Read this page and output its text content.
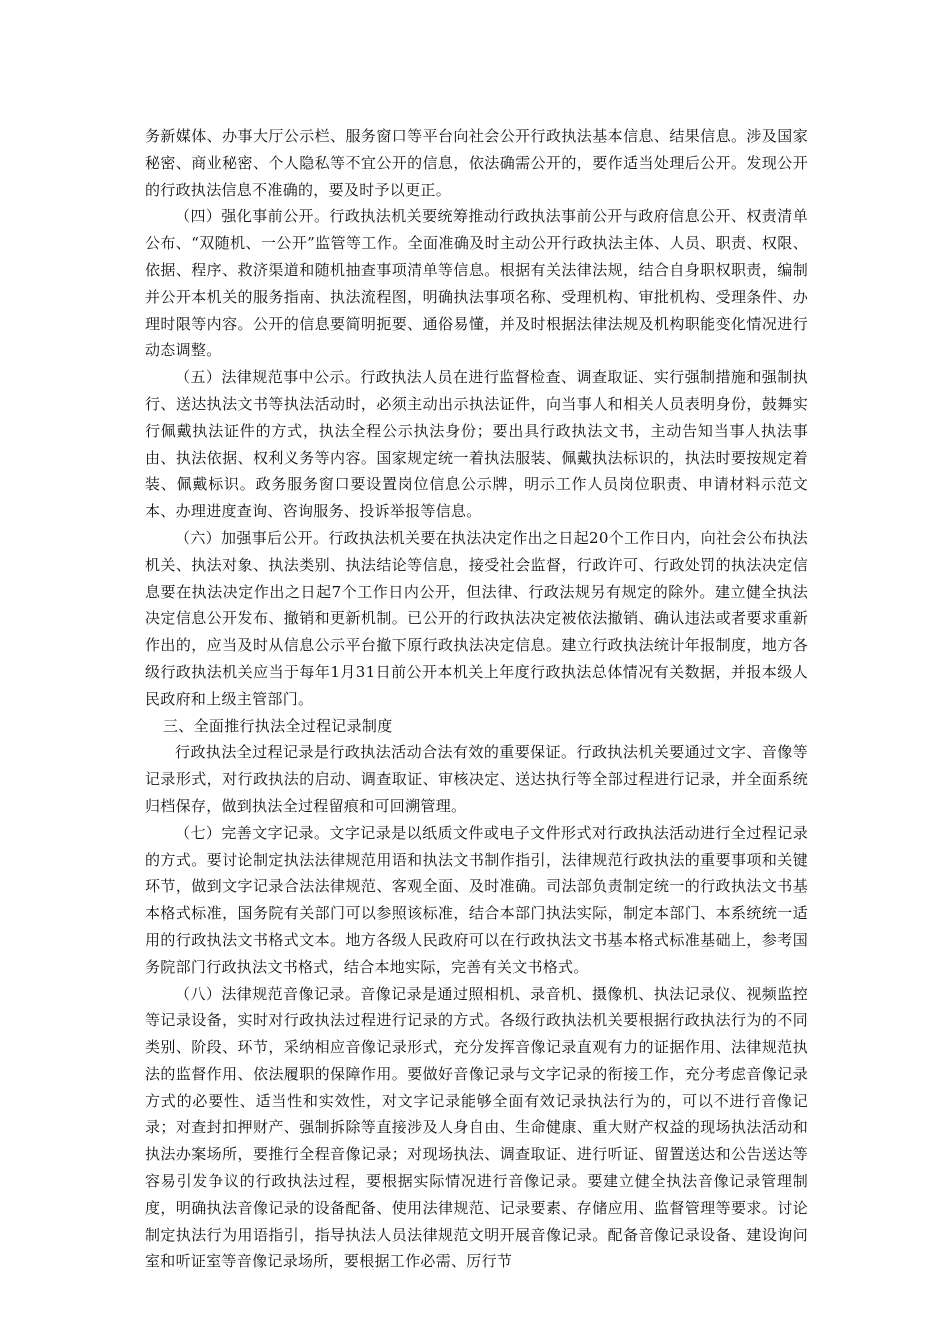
务新媒体、办事大厅公示栏、服务窗口等平台向社会公开行政执法基本信息、结果信息。涉及国家秘密、商业秘密、个人隐私等不宜公开的信息，依法确需公开的，要作适当处理后公开。发现公开的行政执法信息不准确的，要及时予以更正。

（四）强化事前公开。行政执法机关要统筹推动行政执法事前公开与政府信息公开、权责清单公布、“双随机、一公开”监管等工作。全面准确及时主动公开行政执法主体、人员、职责、权限、依据、程序、救济渠道和随机抽查事项清单等信息。根据有关法律法规，结合自身职权职责，编制并公开本机关的服务指南、执法流程图，明确执法事项名称、受理机构、审批机构、受理条件、办理时限等内容。公开的信息要简明扼要、通俗易懂，并及时根据法律法规及机构职能变化情况进行动态调整。

（五）法律规范事中公示。行政执法人员在进行监督检查、调查取证、实行强制措施和强制执行、送达执法文书等执法活动时，必须主动出示执法证件，向当事人和相关人员表明身份，鼓舞实行佩戴执法证件的方式，执法全程公示执法身份；要出具行政执法文书，主动告知当事人执法事由、执法依据、权利义务等内容。国家规定统一着执法服装、佩戴执法标识的，执法时要按规定着装、佩戴标识。政务服务窗口要设置岗位信息公示牌，明示工作人员岗位职责、申请材料示范文本、办理进度查询、咨询服务、投诉举报等信息。

（六）加强事后公开。行政执法机关要在执法决定作出之日起20个工作日内，向社会公布执法机关、执法对象、执法类别、执法结论等信息，接受社会监督，行政许可、行政处罚的执法决定信息要在执法决定作出之日起7个工作日内公开，但法律、行政法规另有规定的除外。建立健全执法决定信息公开发布、撤销和更新机制。已公开的行政执法决定被依法撤销、确认违法或者要求重新作出的，应当及时从信息公示平台撤下原行政执法决定信息。建立行政执法统计年报制度，地方各级行政执法机关应当于每年1月31日前公开本机关上年度行政执法总体情况有关数据，并报本级人民政府和上级主管部门。

三、全面推行执法全过程记录制度

行政执法全过程记录是行政执法活动合法有效的重要保证。行政执法机关要通过文字、音像等记录形式，对行政执法的启动、调查取证、审核决定、送达执行等全部过程进行记录，并全面系统归档保存，做到执法全过程留痕和可回溯管理。

（七）完善文字记录。文字记录是以纸质文件或电子文件形式对行政执法活动进行全过程记录的方式。要讨论制定执法法律规范用语和执法文书制作指引，法律规范行政执法的重要事项和关键环节，做到文字记录合法法律规范、客观全面、及时准确。司法部负责制定统一的行政执法文书基本格式标准，国务院有关部门可以参照该标准，结合本部门执法实际，制定本部门、本系统统一适用的行政执法文书格式文本。地方各级人民政府可以在行政执法文书基本格式标准基础上，参考国务院部门行政执法文书格式，结合本地实际，完善有关文书格式。

（八）法律规范音像记录。音像记录是通过照相机、录音机、摄像机、执法记录仪、视频监控等记录设备，实时对行政执法过程进行记录的方式。各级行政执法机关要根据行政执法行为的不同类别、阶段、环节，采纳相应音像记录形式，充分发挥音像记录直观有力的证据作用、法律规范执法的监督作用、依法履职的保障作用。要做好音像记录与文字记录的衔接工作，充分考虑音像记录方式的必要性、适当性和实效性，对文字记录能够全面有效记录执法行为的，可以不进行音像记录；对查封扣押财产、强制拆除等直接涉及人身自由、生命健康、重大财产权益的现场执法活动和执法办案场所，要推行全程音像记录；对现场执法、调查取证、进行听证、留置送达和公告送达等容易引发争议的行政执法过程，要根据实际情况进行音像记录。要建立健全执法音像记录管理制度，明确执法音像记录的设备配备、使用法律规范、记录要素、存储应用、监督管理等要求。讨论制定执法行为用语指引，指导执法人员法律规范文明开展音像记录。配备音像记录设备、建设询问室和听证室等音像记录场所，要根据工作必需、厉行节
